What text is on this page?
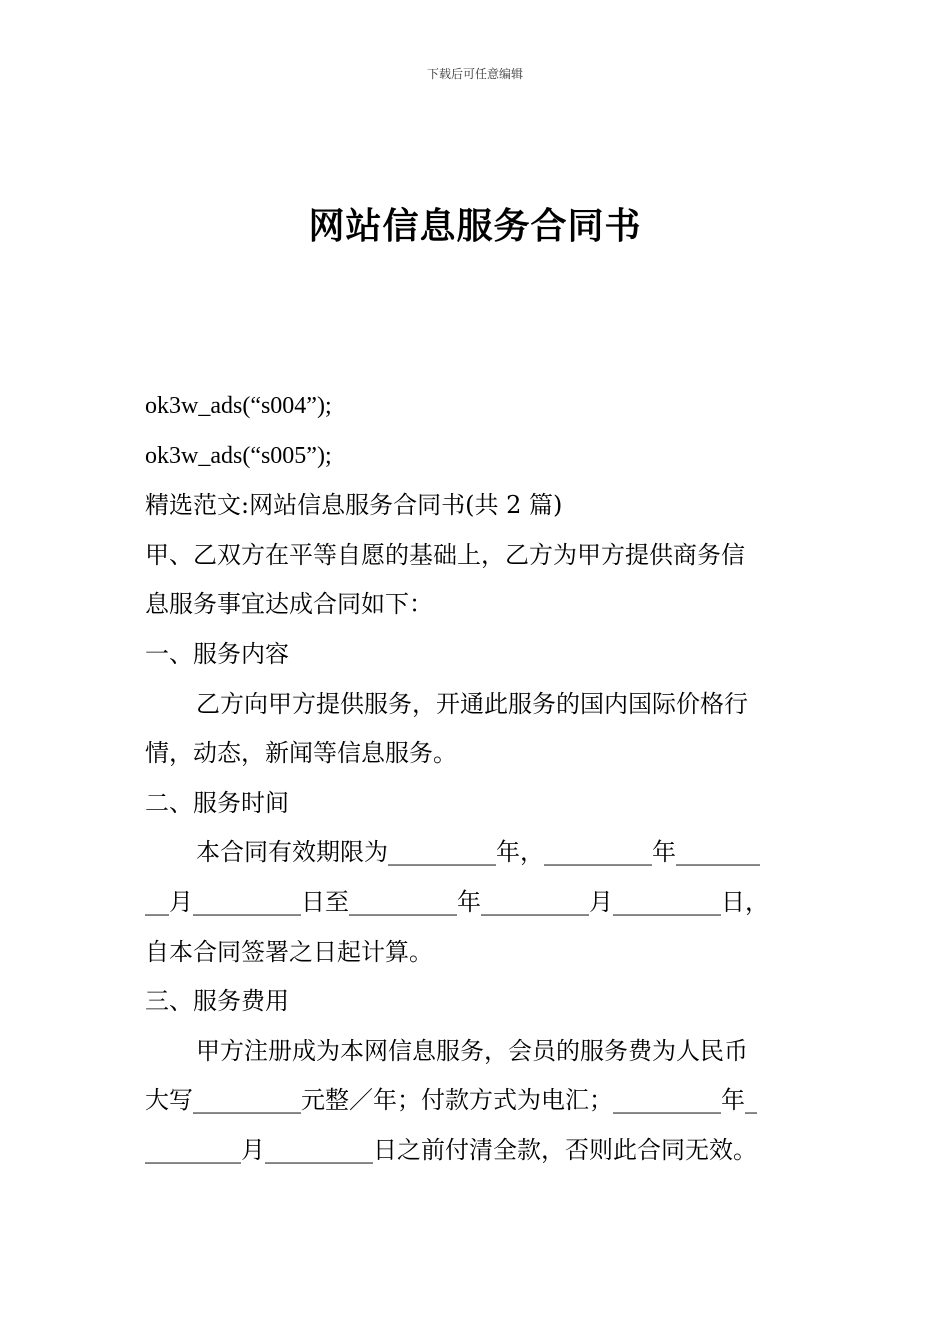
下载后可任意编辑
网站信息服务合同书
ok3w_ads(“s004”);
ok3w_ads(“s005”);
精选范文:网站信息服务合同书(共 2 篇)
甲、乙双方在平等自愿的基础上，乙方为甲方提供商务信
息服务事宜达成合同如下：
一、服务内容
乙方向甲方提供服务，开通此服务的国内国际价格行
情，动态，新闻等信息服务。
二、服务时间
本合同有效期限为_________年，_________年_______
__月_________日至_________年_________月_________日，
自本合同签署之日起计算。
三、服务费用
甲方注册成为本网信息服务，会员的服务费为人民币
大写_________元整／年；付款方式为电汇；_________年_
________月_________日之前付清全款，否则此合同无效。
